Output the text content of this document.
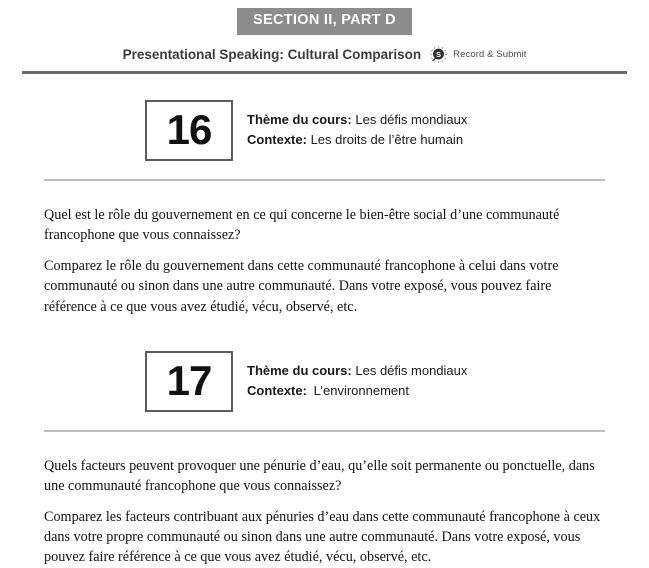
SECTION II, PART D
Presentational Speaking: Cultural Comparison S Record & Submit
16	Thème du cours: Les défis mondiaux
Contexte: Les droits de l’être humain

Quel est le rôle du gouvernement en ce qui concerne le bien-être social d’une communauté francophone que vous connaissez?

Comparez le rôle du gouvernement dans cette communauté francophone à celui dans votre communauté ou sinon dans une autre communauté. Dans votre exposé, vous pouvez faire référence à ce que vous avez étudié, vécu, observé, etc.

17	Thème du cours: Les défis mondiaux
Contexte: L’environnement

Quels facteurs peuvent provoquer une pénurie d’eau, qu’elle soit permanente ou ponctuelle, dans une communauté francophone que vous connaissez?

Comparez les facteurs contribuant aux pénuries d’eau dans cette communauté francophone à ceux dans votre propre communauté ou sinon dans une autre communauté. Dans votre exposé, vous pouvez faire référence à ce que vous avez étudié, vécu, observé, etc.
